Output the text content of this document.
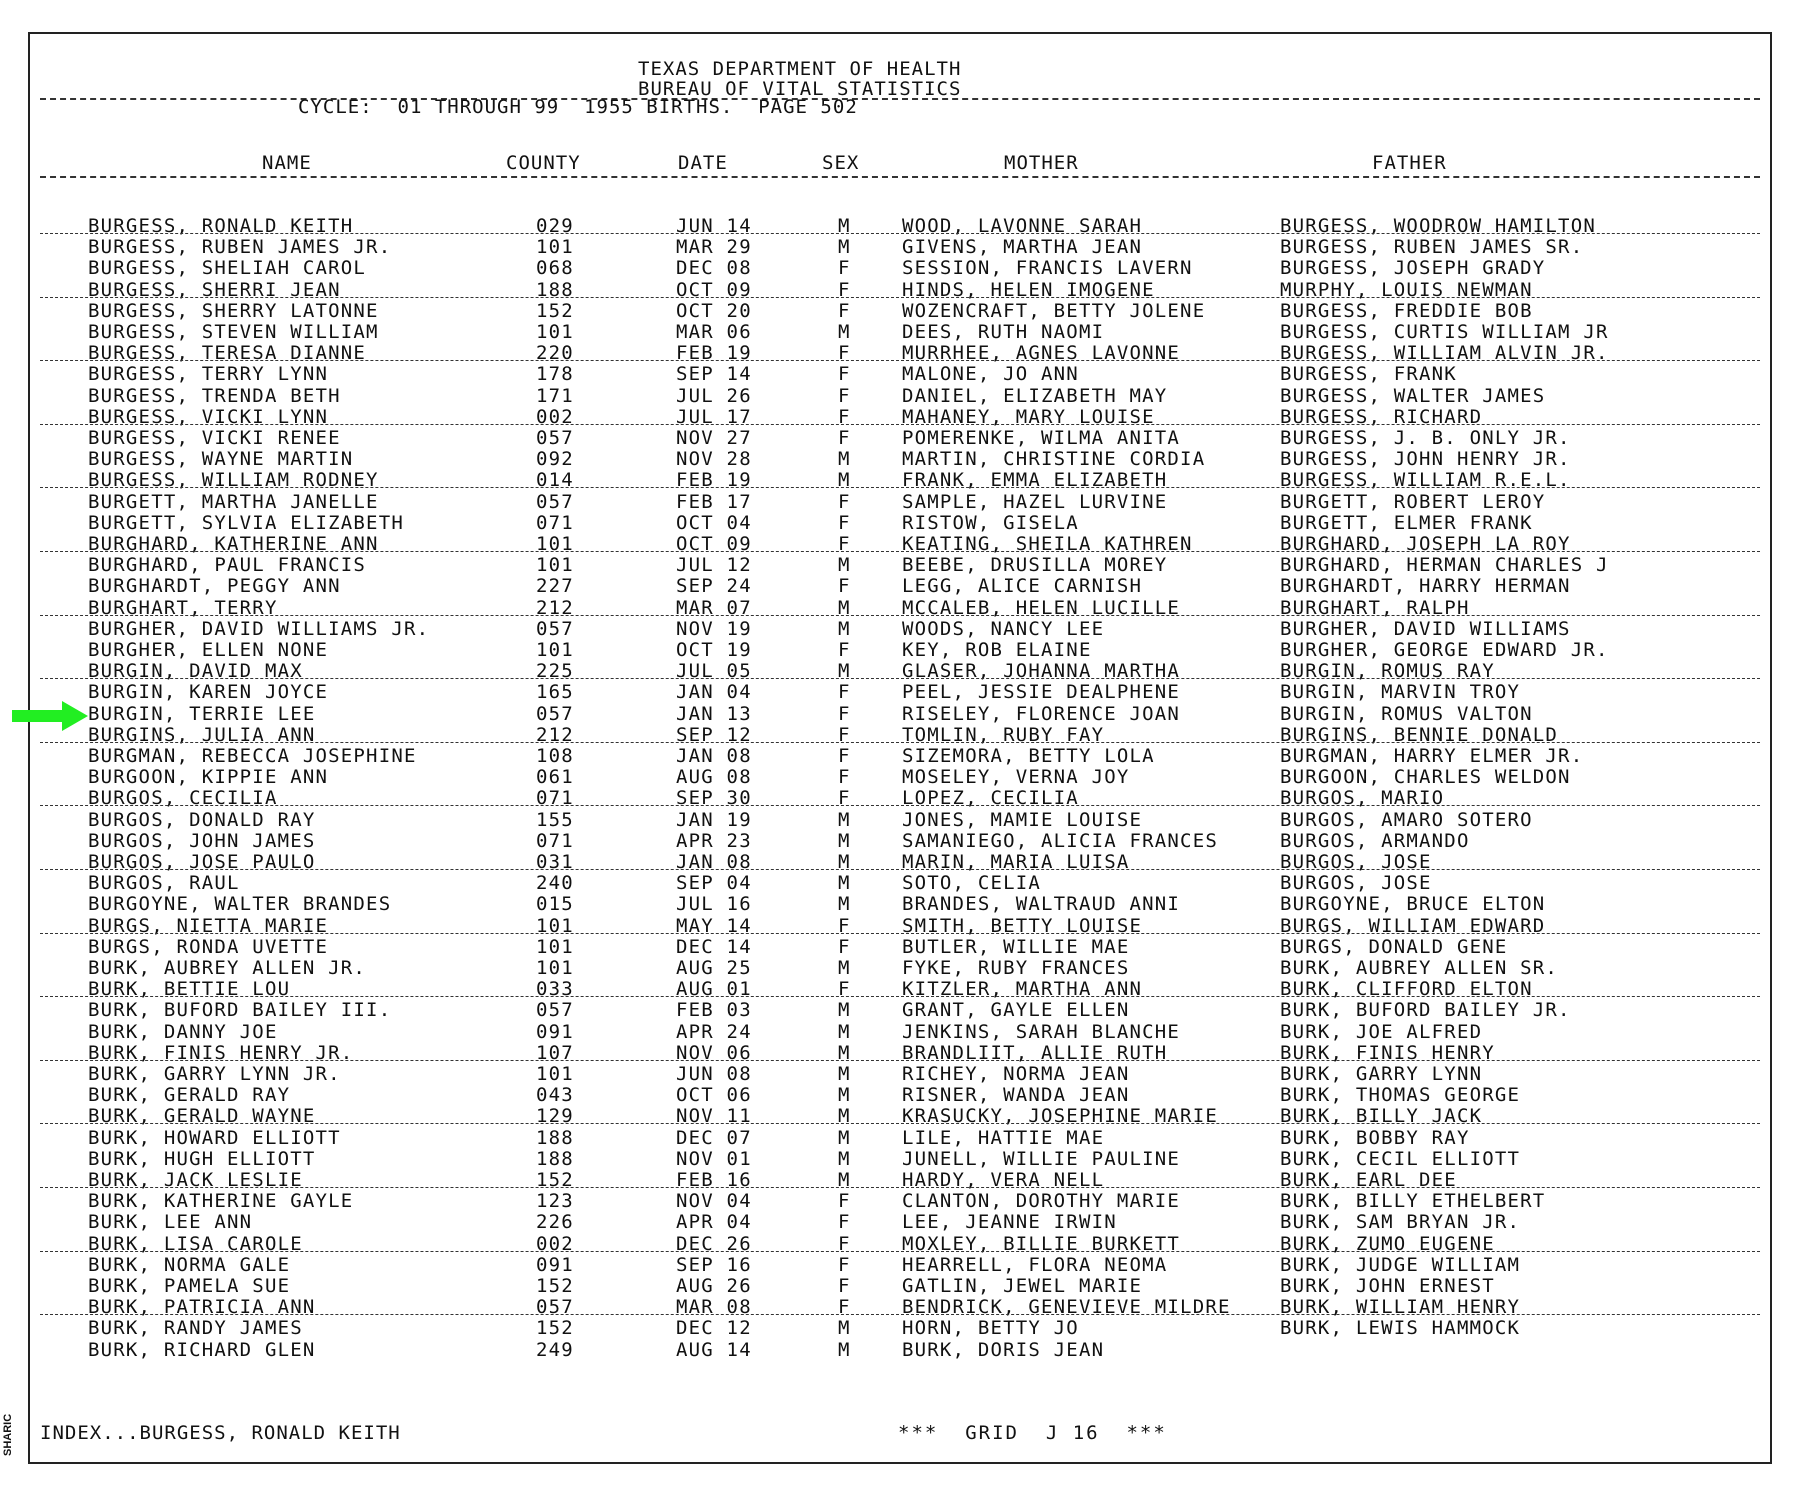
TEXAS DEPARTMENT OF HEALTH
BUREAU OF VITAL STATISTICS
CYCLE:  01 THROUGH 99  1955 BIRTHS.  PAGE 502
NAME	COUNTY	DATE	SEX	MOTHER	FATHER
BURGESS, RONALD KEITH	029	JUN 14	M	WOOD, LAVONNE SARAH	BURGESS, WOODROW HAMILTON
BURGESS, RUBEN JAMES JR.	101	MAR 29	M	GIVENS, MARTHA JEAN	BURGESS, RUBEN JAMES SR.
BURGESS, SHELIAH CAROL	068	DEC 08	F	SESSION, FRANCIS LAVERN	BURGESS, JOSEPH GRADY
BURGESS, SHERRI JEAN	188	OCT 09	F	HINDS, HELEN IMOGENE	MURPHY, LOUIS NEWMAN
BURGESS, SHERRY LATONNE	152	OCT 20	F	WOZENCRAFT, BETTY JOLENE	BURGESS, FREDDIE BOB
BURGESS, STEVEN WILLIAM	101	MAR 06	M	DEES, RUTH NAOMI	BURGESS, CURTIS WILLIAM JR
BURGESS, TERESA DIANNE	220	FEB 19	F	MURRHEE, AGNES LAVONNE	BURGESS, WILLIAM ALVIN JR.
BURGESS, TERRY LYNN	178	SEP 14	F	MALONE, JO ANN	BURGESS, FRANK
BURGESS, TRENDA BETH	171	JUL 26	F	DANIEL, ELIZABETH MAY	BURGESS, WALTER JAMES
BURGESS, VICKI LYNN	002	JUL 17	F	MAHANEY, MARY LOUISE	BURGESS, RICHARD
BURGESS, VICKI RENEE	057	NOV 27	F	POMERENKE, WILMA ANITA	BURGESS, J. B. ONLY JR.
BURGESS, WAYNE MARTIN	092	NOV 28	M	MARTIN, CHRISTINE CORDIA	BURGESS, JOHN HENRY JR.
BURGESS, WILLIAM RODNEY	014	FEB 19	M	FRANK, EMMA ELIZABETH	BURGESS, WILLIAM R.E.L.
BURGETT, MARTHA JANELLE	057	FEB 17	F	SAMPLE, HAZEL LURVINE	BURGETT, ROBERT LEROY
BURGETT, SYLVIA ELIZABETH	071	OCT 04	F	RISTOW, GISELA	BURGETT, ELMER FRANK
BURGHARD, KATHERINE ANN	101	OCT 09	F	KEATING, SHEILA KATHREN	BURGHARD, JOSEPH LA ROY
BURGHARD, PAUL FRANCIS	101	JUL 12	M	BEEBE, DRUSILLA MOREY	BURGHARD, HERMAN CHARLES J
BURGHARDT, PEGGY ANN	227	SEP 24	F	LEGG, ALICE CARNISH	BURGHARDT, HARRY HERMAN
BURGHART, TERRY	212	MAR 07	M	MCCALEB, HELEN LUCILLE	BURGHART, RALPH
BURGHER, DAVID WILLIAMS JR.	057	NOV 19	M	WOODS, NANCY LEE	BURGHER, DAVID WILLIAMS
BURGHER, ELLEN NONE	101	OCT 19	F	KEY, ROB ELAINE	BURGHER, GEORGE EDWARD JR.
BURGIN, DAVID MAX	225	JUL 05	M	GLASER, JOHANNA MARTHA	BURGIN, ROMUS RAY
BURGIN, KAREN JOYCE	165	JAN 04	F	PEEL, JESSIE DEALPHENE	BURGIN, MARVIN TROY
BURGIN, TERRIE LEE	057	JAN 13	F	RISELEY, FLORENCE JOAN	BURGIN, ROMUS VALTON
BURGINS, JULIA ANN	212	SEP 12	F	TOMLIN, RUBY FAY	BURGINS, BENNIE DONALD
BURGMAN, REBECCA JOSEPHINE	108	JAN 08	F	SIZEMORA, BETTY LOLA	BURGMAN, HARRY ELMER JR.
BURGOON, KIPPIE ANN	061	AUG 08	F	MOSELEY, VERNA JOY	BURGOON, CHARLES WELDON
BURGOS, CECILIA	071	SEP 30	F	LOPEZ, CECILIA	BURGOS, MARIO
BURGOS, DONALD RAY	155	JAN 19	M	JONES, MAMIE LOUISE	BURGOS, AMARO SOTERO
BURGOS, JOHN JAMES	071	APR 23	M	SAMANIEGO, ALICIA FRANCES	BURGOS, ARMANDO
BURGOS, JOSE PAULO	031	JAN 08	M	MARIN, MARIA LUISA	BURGOS, JOSE
BURGOS, RAUL	240	SEP 04	M	SOTO, CELIA	BURGOS, JOSE
BURGOYNE, WALTER BRANDES	015	JUL 16	M	BRANDES, WALTRAUD ANNI	BURGOYNE, BRUCE ELTON
BURGS, NIETTA MARIE	101	MAY 14	F	SMITH, BETTY LOUISE	BURGS, WILLIAM EDWARD
BURGS, RONDA UVETTE	101	DEC 14	F	BUTLER, WILLIE MAE	BURGS, DONALD GENE
BURK, AUBREY ALLEN JR.	101	AUG 25	M	FYKE, RUBY FRANCES	BURK, AUBREY ALLEN SR.
BURK, BETTIE LOU	033	AUG 01	F	KITZLER, MARTHA ANN	BURK, CLIFFORD ELTON
BURK, BUFORD BAILEY III.	057	FEB 03	M	GRANT, GAYLE ELLEN	BURK, BUFORD BAILEY JR.
BURK, DANNY JOE	091	APR 24	M	JENKINS, SARAH BLANCHE	BURK, JOE ALFRED
BURK, FINIS HENRY JR.	107	NOV 06	M	BRANDLIIT, ALLIE RUTH	BURK, FINIS HENRY
BURK, GARRY LYNN JR.	101	JUN 08	M	RICHEY, NORMA JEAN	BURK, GARRY LYNN
BURK, GERALD RAY	043	OCT 06	M	RISNER, WANDA JEAN	BURK, THOMAS GEORGE
BURK, GERALD WAYNE	129	NOV 11	M	KRASUCKY, JOSEPHINE MARIE	BURK, BILLY JACK
BURK, HOWARD ELLIOTT	188	DEC 07	M	LILE, HATTIE MAE	BURK, BOBBY RAY
BURK, HUGH ELLIOTT	188	NOV 01	M	JUNELL, WILLIE PAULINE	BURK, CECIL ELLIOTT
BURK, JACK LESLIE	152	FEB 16	M	HARDY, VERA NELL	BURK, EARL DEE
BURK, KATHERINE GAYLE	123	NOV 04	F	CLANTON, DOROTHY MARIE	BURK, BILLY ETHELBERT
BURK, LEE ANN	226	APR 04	F	LEE, JEANNE IRWIN	BURK, SAM BRYAN JR.
BURK, LISA CAROLE	002	DEC 26	F	MOXLEY, BILLIE BURKETT	BURK, ZUMO EUGENE
BURK, NORMA GALE	091	SEP 16	F	HEARRELL, FLORA NEOMA	BURK, JUDGE WILLIAM
BURK, PAMELA SUE	152	AUG 26	F	GATLIN, JEWEL MARIE	BURK, JOHN ERNEST
BURK, PATRICIA ANN	057	MAR 08	F	BENDRICK, GENEVIEVE MILDRE	BURK, WILLIAM HENRY
BURK, RANDY JAMES	152	DEC 12	M	HORN, BETTY JO	BURK, LEWIS HAMMOCK
BURK, RICHARD GLEN	249	AUG 14	M	BURK, DORIS JEAN
INDEX...BURGESS, RONALD KEITH	***  GRID  J 16  ***
SHARIC
